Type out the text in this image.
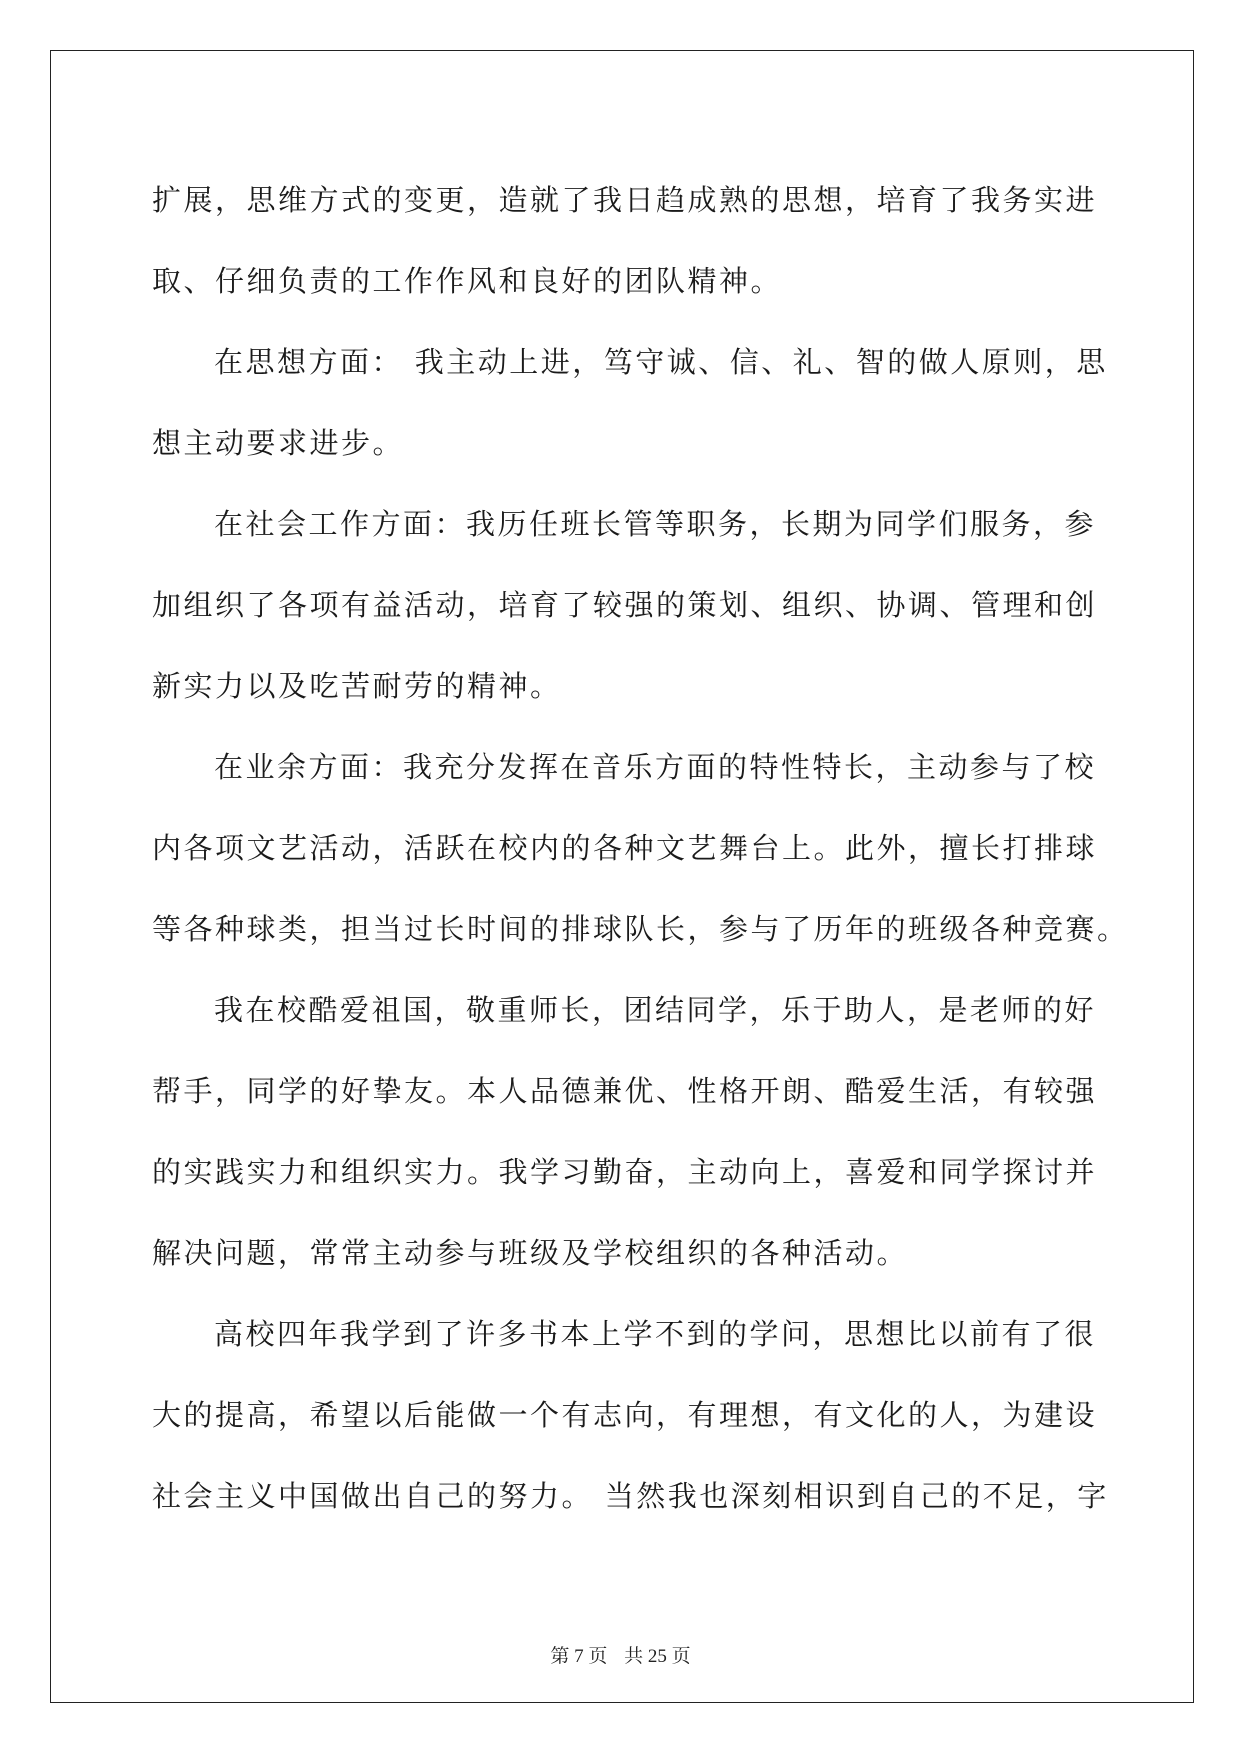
扩展，思维方式的变更，造就了我日趋成熟的思想，培育了我务实进
取、仔细负责的工作作风和良好的团队精神。
在思想方面： 我主动上进，笃守诚、信、礼、智的做人原则，思
想主动要求进步。
在社会工作方面：我历任班长管等职务，长期为同学们服务，参
加组织了各项有益活动，培育了较强的策划、组织、协调、管理和创
新实力以及吃苦耐劳的精神。
在业余方面：我充分发挥在音乐方面的特性特长，主动参与了校
内各项文艺活动，活跃在校内的各种文艺舞台上。此外，擅长打排球
等各种球类，担当过长时间的排球队长，参与了历年的班级各种竞赛。
我在校酷爱祖国，敬重师长，团结同学，乐于助人，是老师的好
帮手，同学的好挚友。本人品德兼优、性格开朗、酷爱生活，有较强
的实践实力和组织实力。我学习勤奋，主动向上，喜爱和同学探讨并
解决问题，常常主动参与班级及学校组织的各种活动。
高校四年我学到了许多书本上学不到的学问，思想比以前有了很
大的提高，希望以后能做一个有志向，有理想，有文化的人，为建设
社会主义中国做出自己的努力。 当然我也深刻相识到自己的不足，字
第 7 页 共 25 页
